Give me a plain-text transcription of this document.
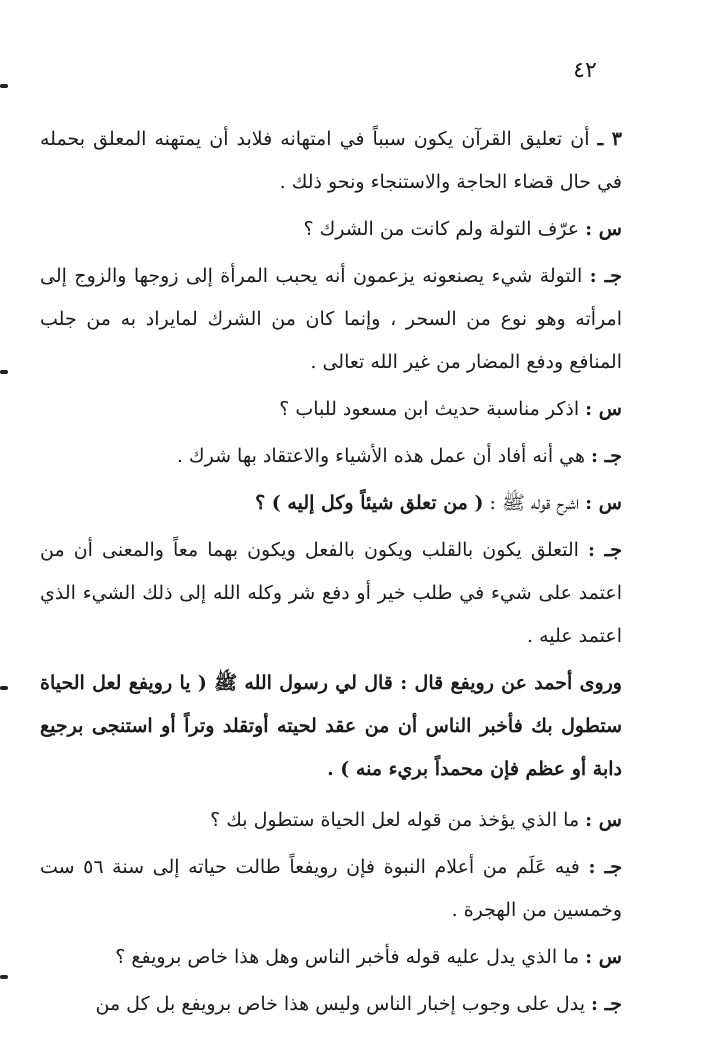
٤٢

٣ ـ أن تعليق القرآن يكون سبباً في امتهانه فلابد أن يمتهنه المعلق بحمله في حال قضاء الحاجة والاستنجاء ونحو ذلك .

س : عرّف التولة ولم كانت من الشرك ؟

جـ : التولة شيء يصنعونه يزعمون أنه يحبب المرأة إلى زوجها والزوج إلى امرأته وهو نوع من السحر ، وإنما كان من الشرك لمايراد به من جلب المنافع ودفع المضار من غير الله تعالى .

س : اذكر مناسبة حديث ابن مسعود للباب ؟

جـ : هي أنه أفاد أن عمل هذه الأشياء والاعتقاد بها شرك .

س : اشرح قوله ﷺ : ( من تعلق شيئاً وكل إليه ) ؟

جـ : التعلق يكون بالقلب ويكون بالفعل ويكون بهما معاً والمعنى أن من اعتمد على شيء في طلب خير أو دفع شر وكله الله إلى ذلك الشيء الذي اعتمد عليه .

وروى أحمد عن رويفع قال : قال لي رسول الله ﷺ ( يا رويفع لعل الحياة ستطول بك فأخبر الناس أن من عقد لحيته أوتقلد وتراً أو استنجى برجيع دابة أو عظم فإن محمداً بريء منه ) .

س : ما الذي يؤخذ من قوله لعل الحياة ستطول بك ؟

جـ : فيه عَلَم من أعلام النبوة فإن رويفعاً طالت حياته إلى سنة ٥٦ ست وخمسين من الهجرة .

س : ما الذي يدل عليه قوله فأخبر الناس وهل هذا خاص برويفع ؟

جـ : يدل على وجوب إخبار الناس وليس هذا خاص برويفع بل كل من
